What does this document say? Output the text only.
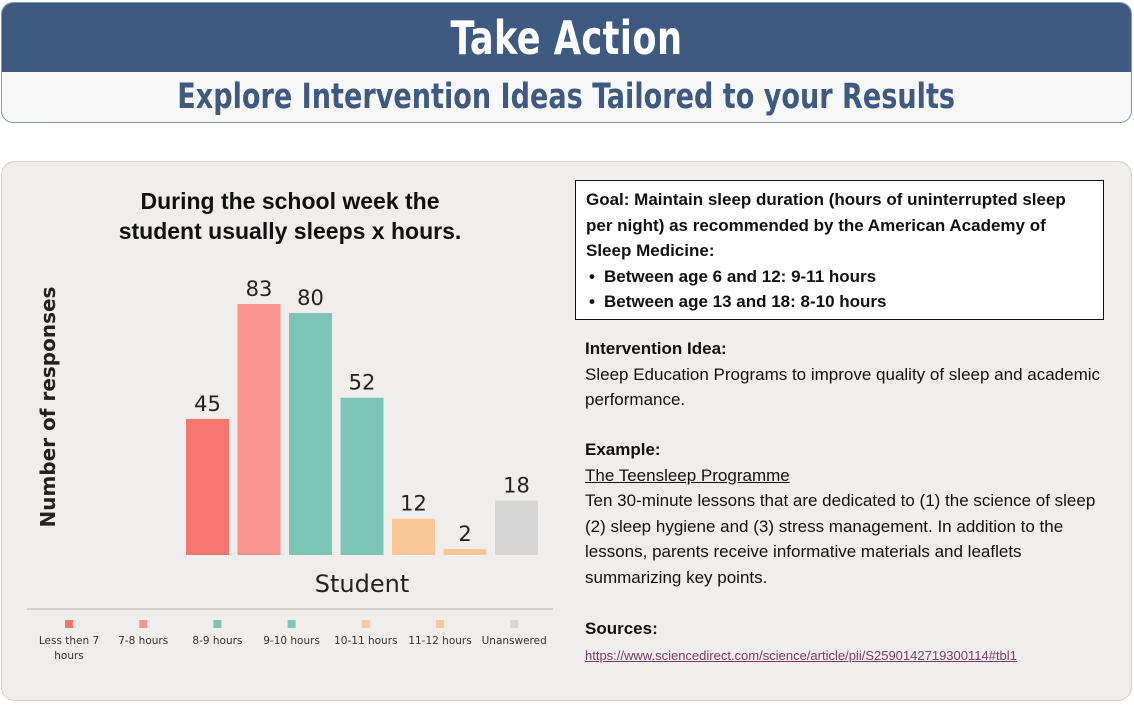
Take Action
Explore Intervention Ideas Tailored to your Results
During the school week the
student usually sleeps x hours.
Number of responses	45
83 80
52
12
2
18
Student
Less then 7
hours
7-8 hours 8-9 hours 9-10 hours 10-11 hours 11-12 hours Unanswered
Goal: Maintain sleep duration (hours of uninterrupted sleep per night) as recommended by the American Academy of Sleep Medicine:
• Between age 6 and 12: 9-11 hours
• Between age 13 and 18: 8-10 hours
Intervention Idea:
Sleep Education Programs to improve quality of sleep and academic performance.
Example:
The Teensleep Programme
Ten 30-minute lessons that are dedicated to (1) the science of sleep (2) sleep hygiene and (3) stress management. In addition to the lessons, parents receive informative materials and leaflets summarizing key points.
Sources:
https://www.sciencedirect.com/science/article/pii/S2590142719300114#tbl1
